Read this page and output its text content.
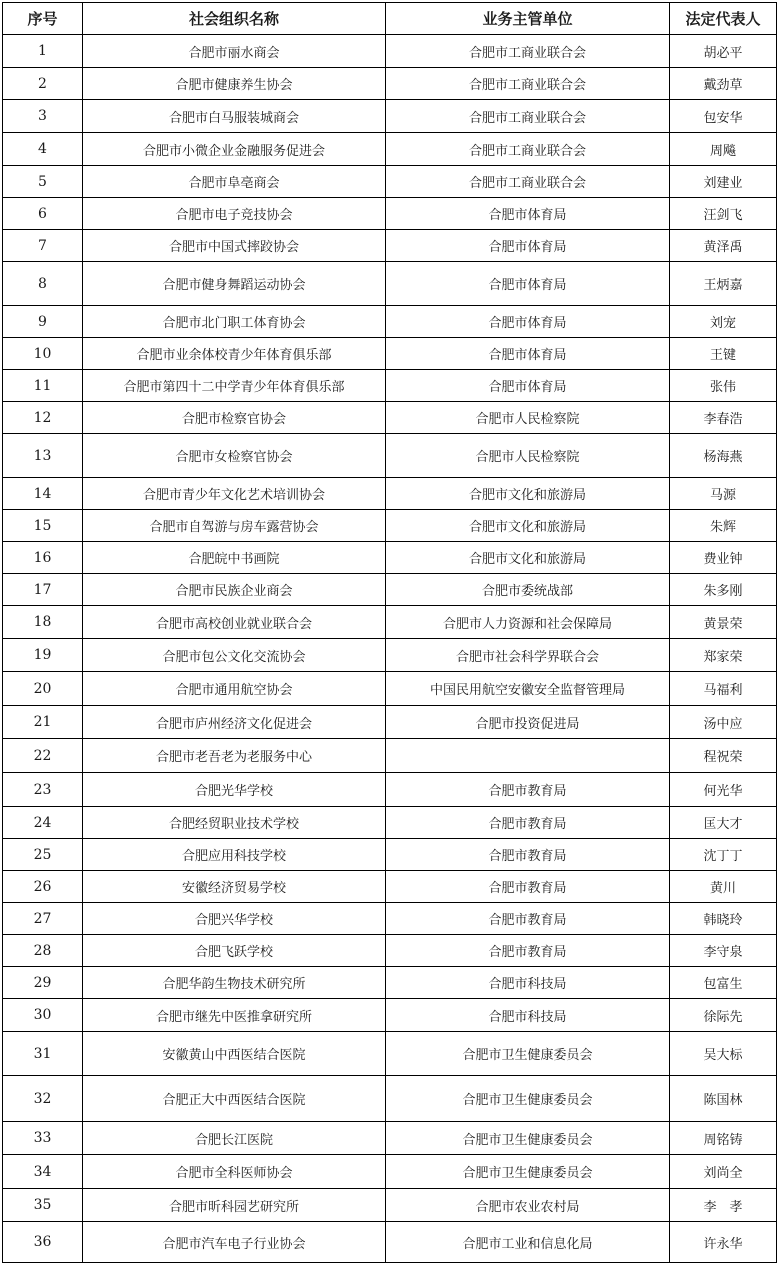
序号	社会组织名称	业务主管单位	法定代表人
1	合肥市丽水商会	合肥市工商业联合会	胡必平
2	合肥市健康养生协会	合肥市工商业联合会	戴劲草
3	合肥市白马服装城商会	合肥市工商业联合会	包安华
4	合肥市小微企业金融服务促进会	合肥市工商业联合会	周飚
5	合肥市阜亳商会	合肥市工商业联合会	刘建业
6	合肥市电子竞技协会	合肥市体育局	汪剑飞
7	合肥市中国式摔跤协会	合肥市体育局	黄泽禹
8	合肥市健身舞蹈运动协会	合肥市体育局	王炳嘉
9	合肥市北门职工体育协会	合肥市体育局	刘宠
10	合肥市业余体校青少年体育俱乐部	合肥市体育局	王键
11	合肥市第四十二中学青少年体育俱乐部	合肥市体育局	张伟
12	合肥市检察官协会	合肥市人民检察院	李春浩
13	合肥市女检察官协会	合肥市人民检察院	杨海燕
14	合肥市青少年文化艺术培训协会	合肥市文化和旅游局	马源
15	合肥市自驾游与房车露营协会	合肥市文化和旅游局	朱辉
16	合肥皖中书画院	合肥市文化和旅游局	费业钟
17	合肥市民族企业商会	合肥市委统战部	朱多刚
18	合肥市高校创业就业联合会	合肥市人力资源和社会保障局	黄景荣
19	合肥市包公文化交流协会	合肥市社会科学界联合会	郑家荣
20	合肥市通用航空协会	中国民用航空安徽安全监督管理局	马福利
21	合肥市庐州经济文化促进会	合肥市投资促进局	汤中应
22	合肥市老吾老为老服务中心		程祝荣
23	合肥光华学校	合肥市教育局	何光华
24	合肥经贸职业技术学校	合肥市教育局	匡大才
25	合肥应用科技学校	合肥市教育局	沈丁丁
26	安徽经济贸易学校	合肥市教育局	黄川
27	合肥兴华学校	合肥市教育局	韩晓玲
28	合肥飞跃学校	合肥市教育局	李守泉
29	合肥华韵生物技术研究所	合肥市科技局	包富生
30	合肥市继先中医推拿研究所	合肥市科技局	徐际先
31	安徽黄山中西医结合医院	合肥市卫生健康委员会	吴大标
32	合肥正大中西医结合医院	合肥市卫生健康委员会	陈国林
33	合肥长江医院	合肥市卫生健康委员会	周铭铸
34	合肥市全科医师协会	合肥市卫生健康委员会	刘尚全
35	合肥市昕科园艺研究所	合肥市农业农村局	李　孝
36	合肥市汽车电子行业协会	合肥市工业和信息化局	许永华
